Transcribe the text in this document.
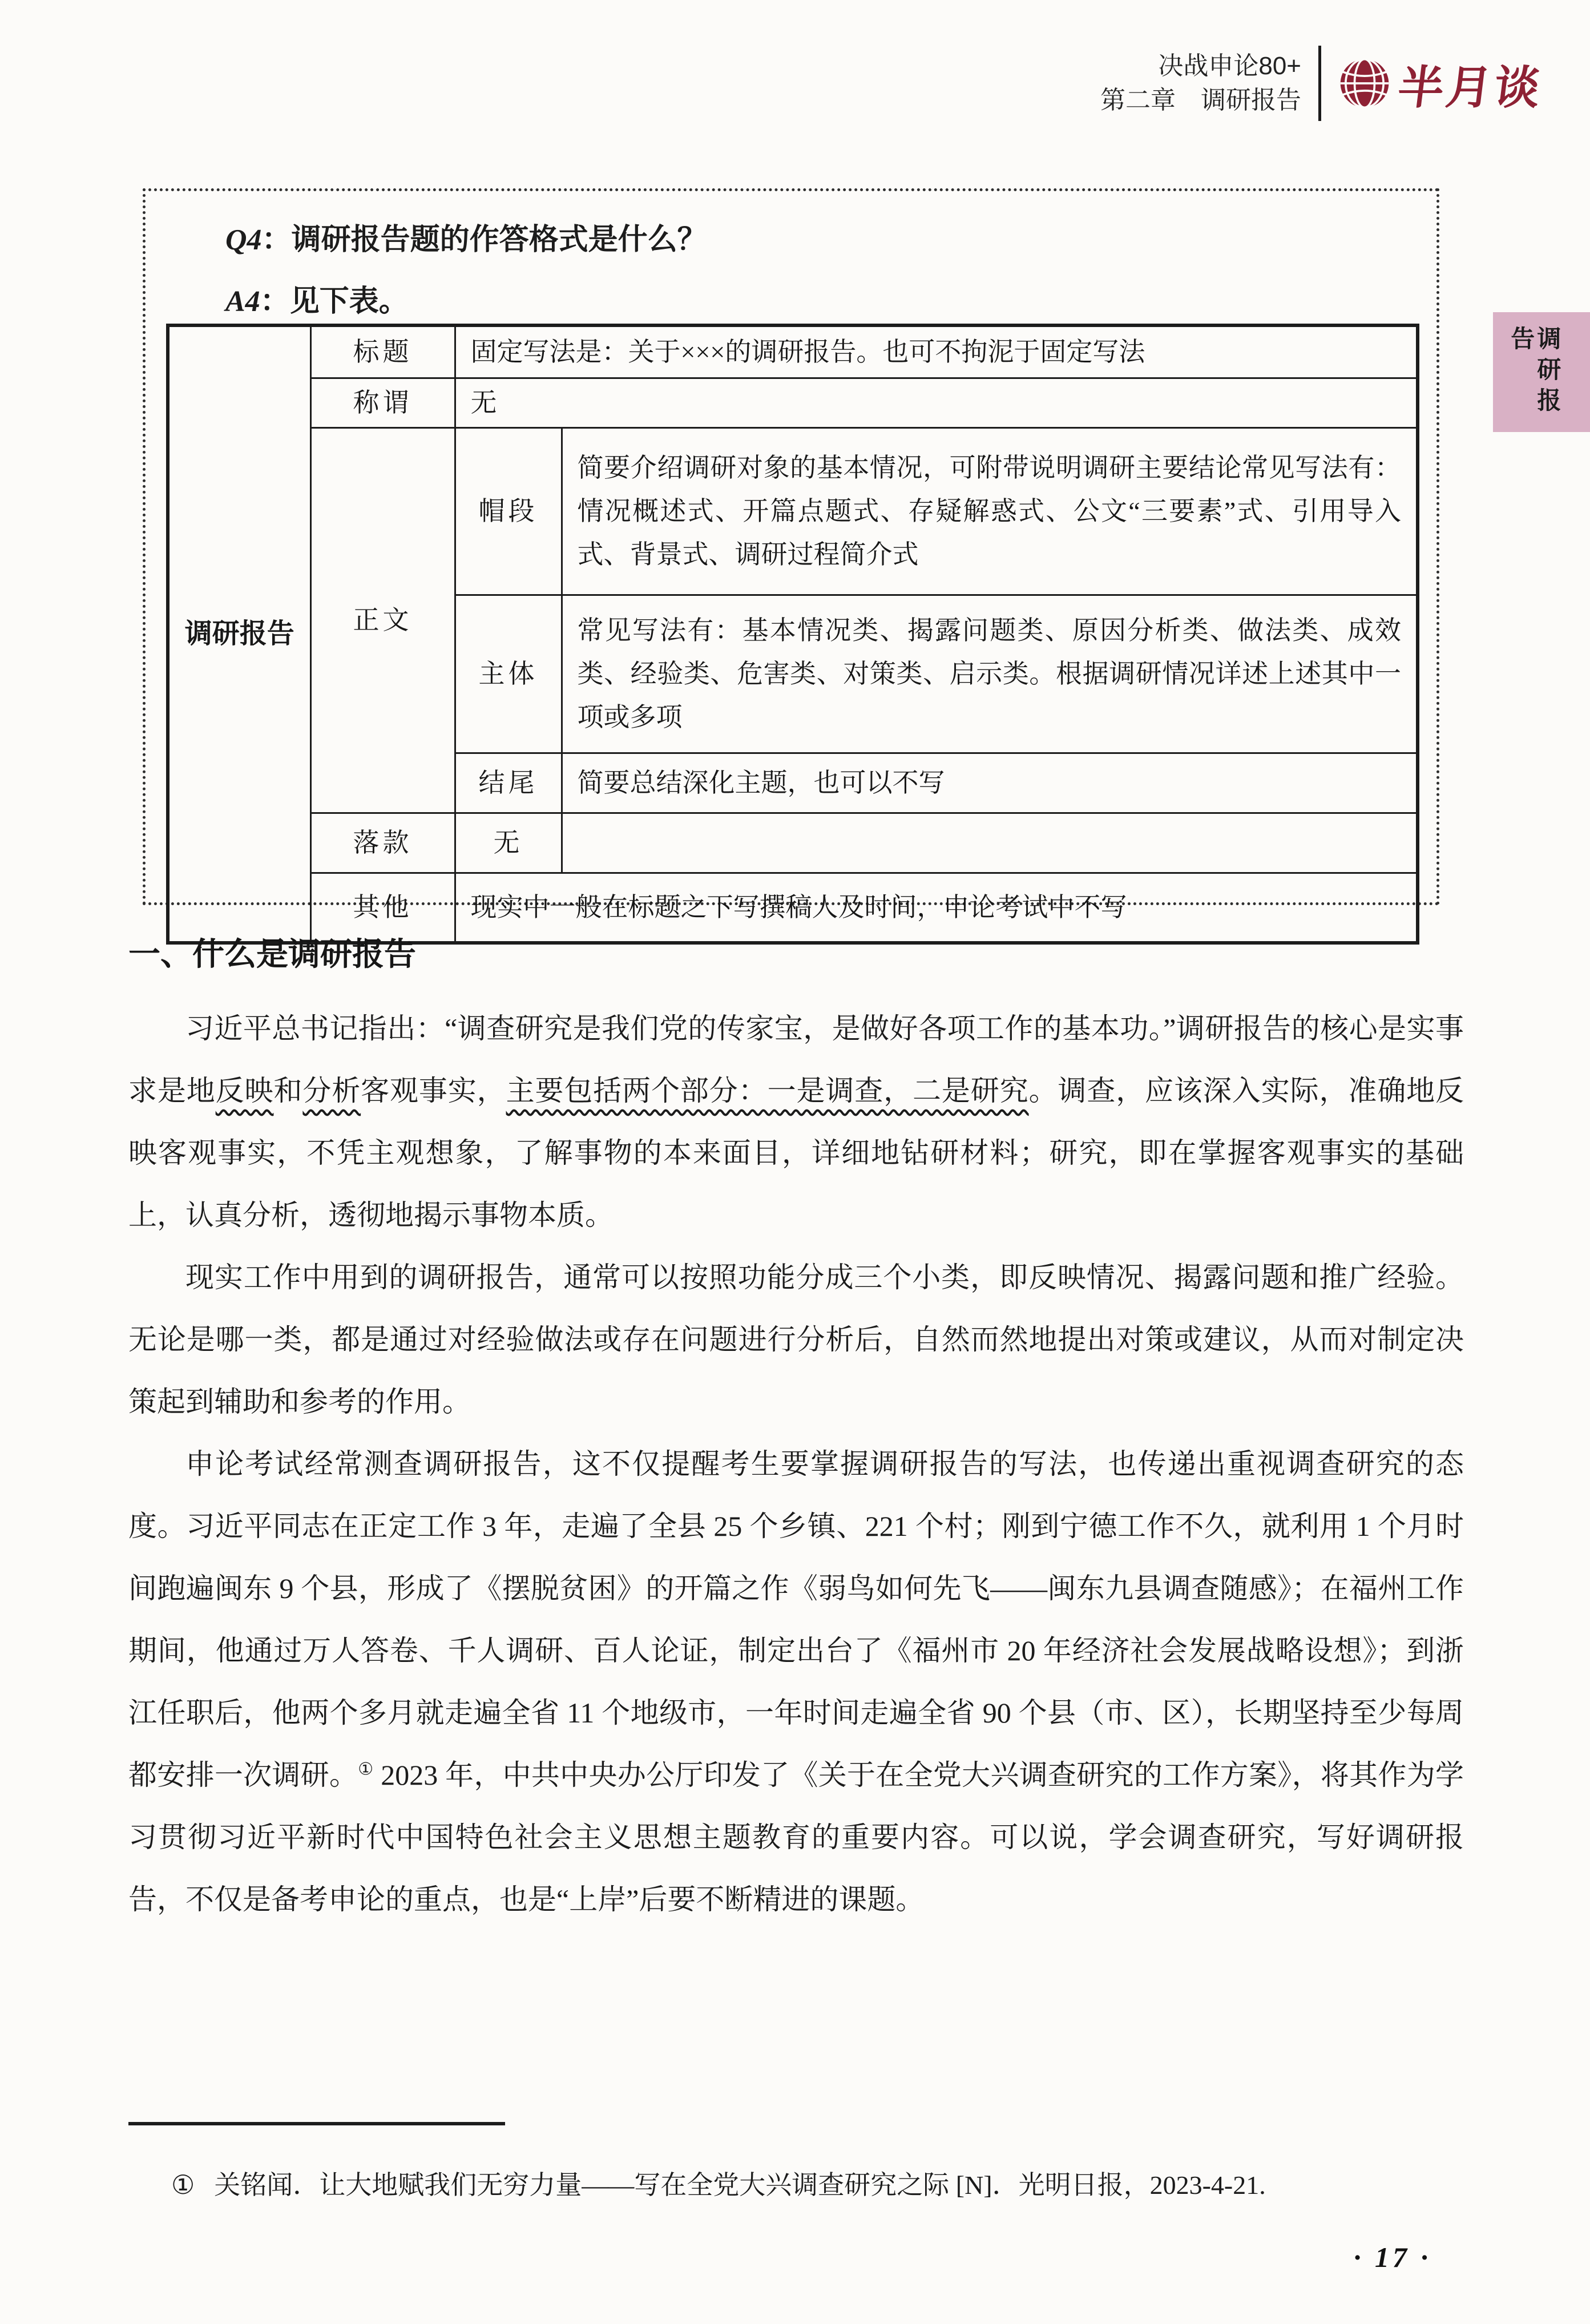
决战申论80+
第二章　调研报告 半月谈
调研报告
Q4：调研报告题的作答格式是什么？
A4：见下表。
调研报告	标题	固定写法是：关于×××的调研报告。也可不拘泥于固定写法	
	称谓	无	
	正文	帽段	简要介绍调研对象的基本情况，可附带说明调研主要结论常见写法有：情况概述式、开篇点题式、存疑解惑式、公文“三要素”式、引用导入式、背景式、调研过程简介式
		主体	常见写法有：基本情况类、揭露问题类、原因分析类、做法类、成效类、经验类、危害类、对策类、启示类。根据调研情况详述上述其中一项或多项
		结尾	简要总结深化主题，也可以不写
	落款	无	
	其他	现实中一般在标题之下写撰稿人及时间，申论考试中不写	
一、什么是调研报告

习近平总书记指出：“调查研究是我们党的传家宝，是做好各项工作的基本功。”调研报告的核心是实事求是地反映和分析客观事实，主要包括两个部分：一是调查，二是研究。调查，应该深入实际，准确地反映客观事实，不凭主观想象，了解事物的本来面目，详细地钻研材料；研究，即在掌握客观事实的基础上，认真分析，透彻地揭示事物本质。

现实工作中用到的调研报告，通常可以按照功能分成三个小类，即反映情况、揭露问题和推广经验。无论是哪一类，都是通过对经验做法或存在问题进行分析后，自然而然地提出对策或建议，从而对制定决策起到辅助和参考的作用。

申论考试经常测查调研报告，这不仅提醒考生要掌握调研报告的写法，也传递出重视调查研究的态度。习近平同志在正定工作 3 年，走遍了全县 25 个乡镇、221 个村；刚到宁德工作不久，就利用 1 个月时间跑遍闽东 9 个县，形成了《摆脱贫困》的开篇之作《弱鸟如何先飞——闽东九县调查随感》；在福州工作期间，他通过万人答卷、千人调研、百人论证，制定出台了《福州市 20 年经济社会发展战略设想》；到浙江任职后，他两个多月就走遍全省 11 个地级市，一年时间走遍全省 90 个县（市、区），长期坚持至少每周都安排一次调研。① 2023 年，中共中央办公厅印发了《关于在全党大兴调查研究的工作方案》，将其作为学习贯彻习近平新时代中国特色社会主义思想主题教育的重要内容。可以说，学会调查研究，写好调研报告，不仅是备考申论的重点，也是“上岸”后要不断精进的课题。

① 关铭闻．让大地赋我们无穷力量——写在全党大兴调查研究之际 [N]．光明日报，2023-4-21.
· 17 ·
